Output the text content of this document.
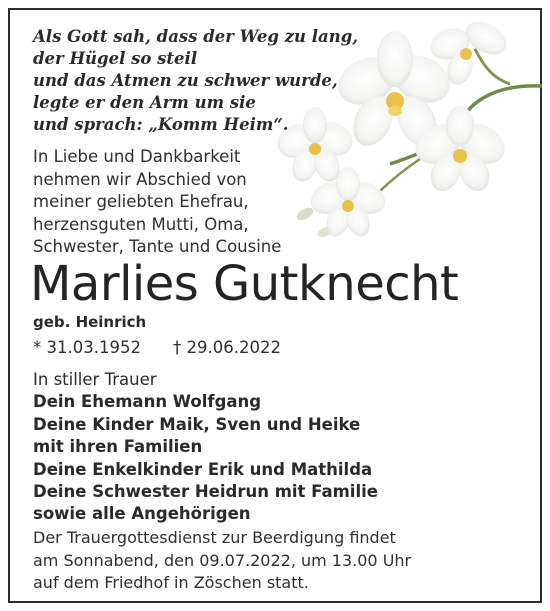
Als Gott sah, dass der Weg zu lang,
der Hügel so steil
und das Atmen zu schwer wurde,
legte er den Arm um sie
und sprach: „Komm Heim“.
In Liebe und Dankbarkeit
nehmen wir Abschied von
meiner geliebten Ehefrau,
herzensguten Mutti, Oma,
Schwester, Tante und Cousine
Marlies Gutknecht
geb. Heinrich
* 31.03.1952 † 29.06.2022
In stiller Trauer
Dein Ehemann Wolfgang
Deine Kinder Maik, Sven und Heike
mit ihren Familien
Deine Enkelkinder Erik und Mathilda
Deine Schwester Heidrun mit Familie
sowie alle Angehörigen
Der Trauergottesdienst zur Beerdigung findet
am Sonnabend, den 09.07.2022, um 13.00 Uhr
auf dem Friedhof in Zöschen statt.
